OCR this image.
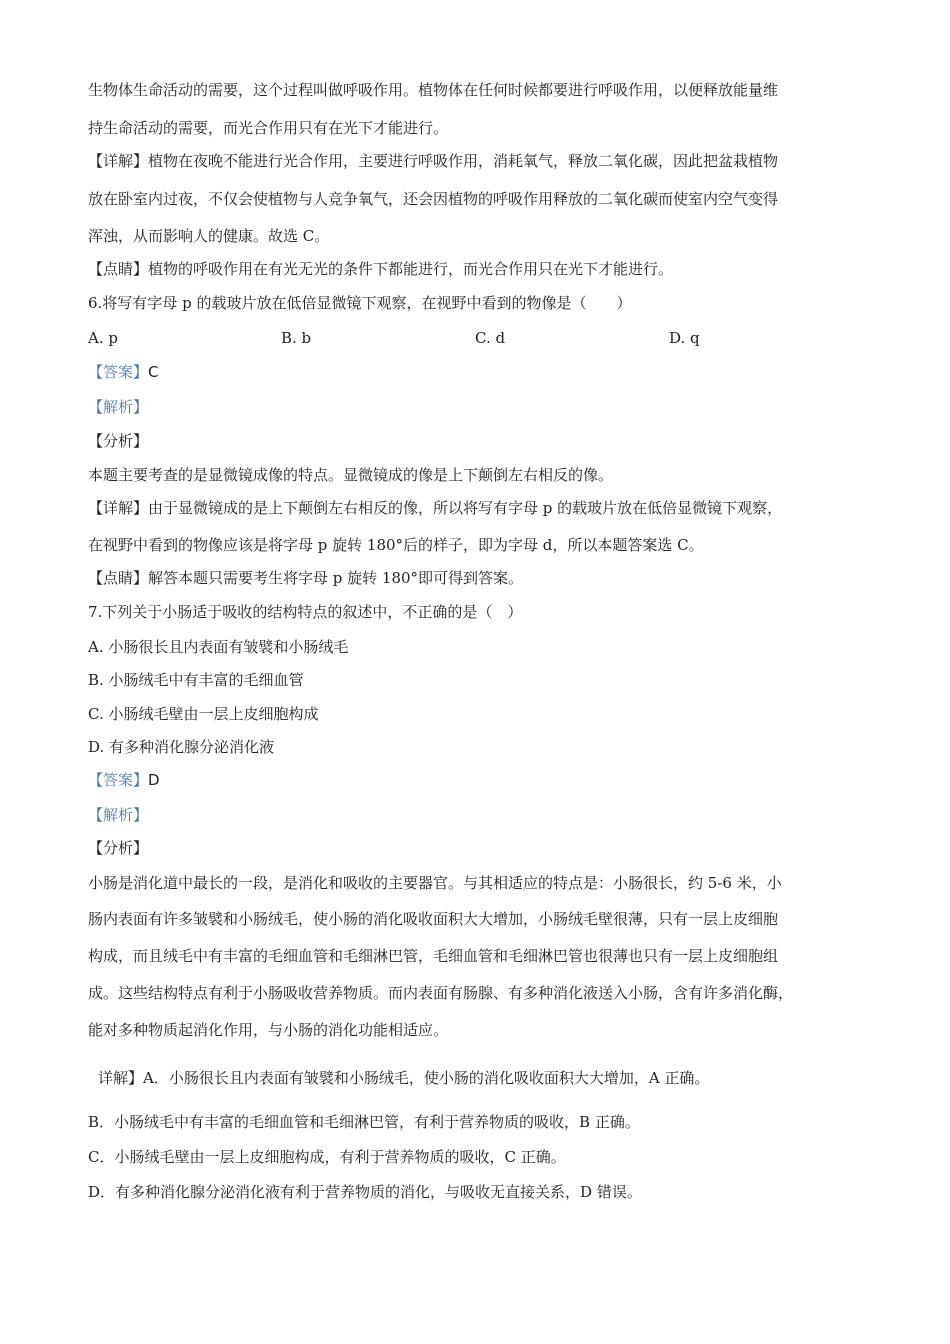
生物体生命活动的需要，这个过程叫做呼吸作用。植物体在任何时候都要进行呼吸作用，以便释放能量维
持生命活动的需要，而光合作用只有在光下才能进行。
【详解】植物在夜晚不能进行光合作用，主要进行呼吸作用，消耗氧气，释放二氧化碳，因此把盆栽植物
放在卧室内过夜，不仅会使植物与人竞争氧气，还会因植物的呼吸作用释放的二氧化碳而使室内空气变得
浑浊，从而影响人的健康。故选 C。
【点睛】植物的呼吸作用在有光无光的条件下都能进行，而光合作用只在光下才能进行。
6.将写有字母 p 的载玻片放在低倍显微镜下观察，在视野中看到的物像是（　　）
A. p	B. b	C. d	D. q
【答案】C
【解析】
【分析】
本题主要考查的是显微镜成像的特点。显微镜成的像是上下颠倒左右相反的像。
【详解】由于显微镜成的是上下颠倒左右相反的像，所以将写有字母 p 的载玻片放在低倍显微镜下观察，
在视野中看到的物像应该是将字母 p 旋转 180°后的样子，即为字母 d，所以本题答案选 C。
【点睛】解答本题只需要考生将字母 p 旋转 180°即可得到答案。
7.下列关于小肠适于吸收的结构特点的叙述中，不正确的是（　）
A. 小肠很长且内表面有皱襞和小肠绒毛
B. 小肠绒毛中有丰富的毛细血管
C. 小肠绒毛壁由一层上皮细胞构成
D. 有多种消化腺分泌消化液
【答案】D
【解析】
【分析】
小肠是消化道中最长的一段，是消化和吸收的主要器官。与其相适应的特点是：小肠很长，约 5-6 米，小
肠内表面有许多皱襞和小肠绒毛，使小肠的消化吸收面积大大增加，小肠绒毛壁很薄，只有一层上皮细胞
构成，而且绒毛中有丰富的毛细血管和毛细淋巴管，毛细血管和毛细淋巴管也很薄也只有一层上皮细胞组
成。这些结构特点有利于小肠吸收营养物质。而内表面有肠腺、有多种消化液送入小肠，含有许多消化酶，
能对多种物质起消化作用，与小肠的消化功能相适应。
详解】A．小肠很长且内表面有皱襞和小肠绒毛，使小肠的消化吸收面积大大增加，A 正确。
B．小肠绒毛中有丰富的毛细血管和毛细淋巴管，有利于营养物质的吸收，B 正确。
C．小肠绒毛壁由一层上皮细胞构成，有利于营养物质的吸收，C 正确。
D．有多种消化腺分泌消化液有利于营养物质的消化，与吸收无直接关系，D 错误。
